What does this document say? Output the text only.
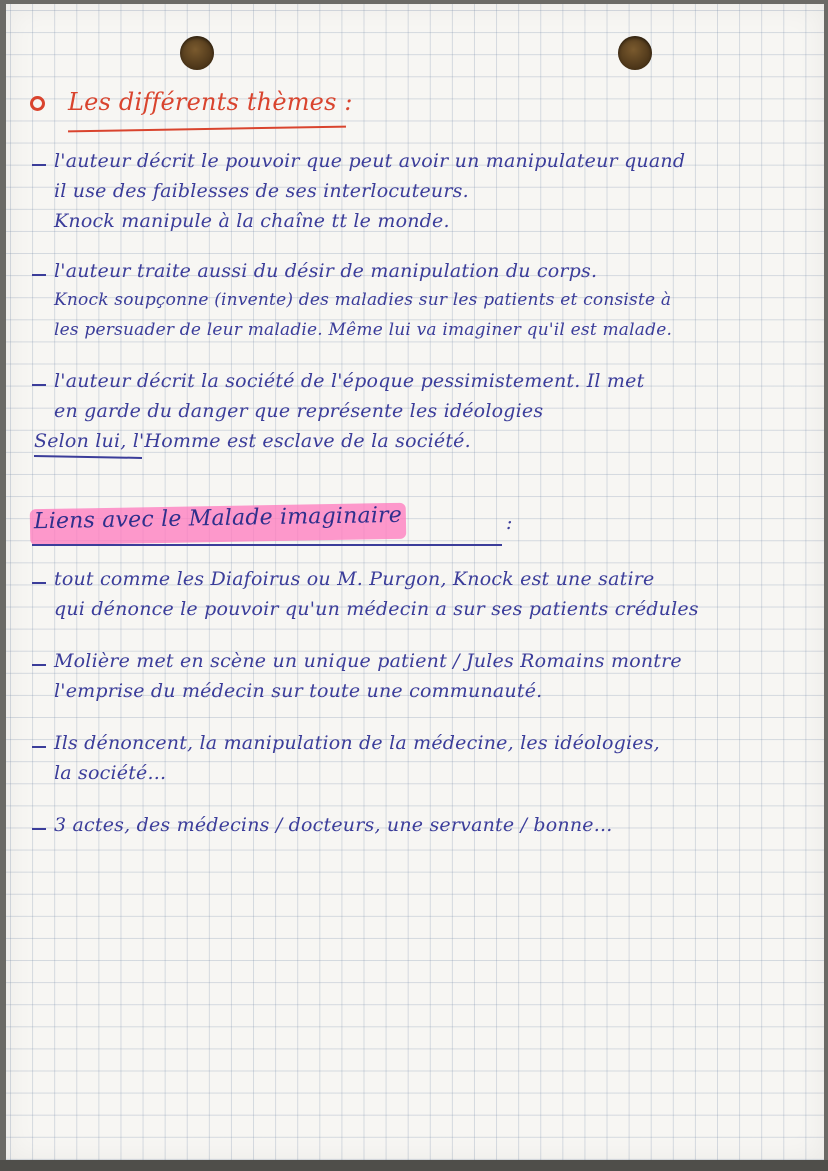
Les différents thèmes :
l'auteur décrit le pouvoir que peut avoir un manipulateur quand
il use des faiblesses de ses interlocuteurs.
Knock manipule à la chaîne tt le monde.
l'auteur traite aussi du désir de manipulation du corps.
Knock soupçonne (invente) des maladies sur les patients et consiste à
les persuader de leur maladie. Même lui va imaginer qu'il est malade.
l'auteur décrit la société de l'époque pessimistement. Il met
en garde du danger que représente les idéologies
Selon lui, l'Homme est esclave de la société.
Liens avec le Malade imaginaire	:
tout comme les Diafoirus ou M. Purgon, Knock est une satire
qui dénonce le pouvoir qu'un médecin a sur ses patients crédules
Molière met en scène un unique patient / Jules Romains montre
l'emprise du médecin sur toute une communauté.
Ils dénoncent, la manipulation de la médecine, les idéologies,
la société...
3 actes, des médecins / docteurs, une servante / bonne...
